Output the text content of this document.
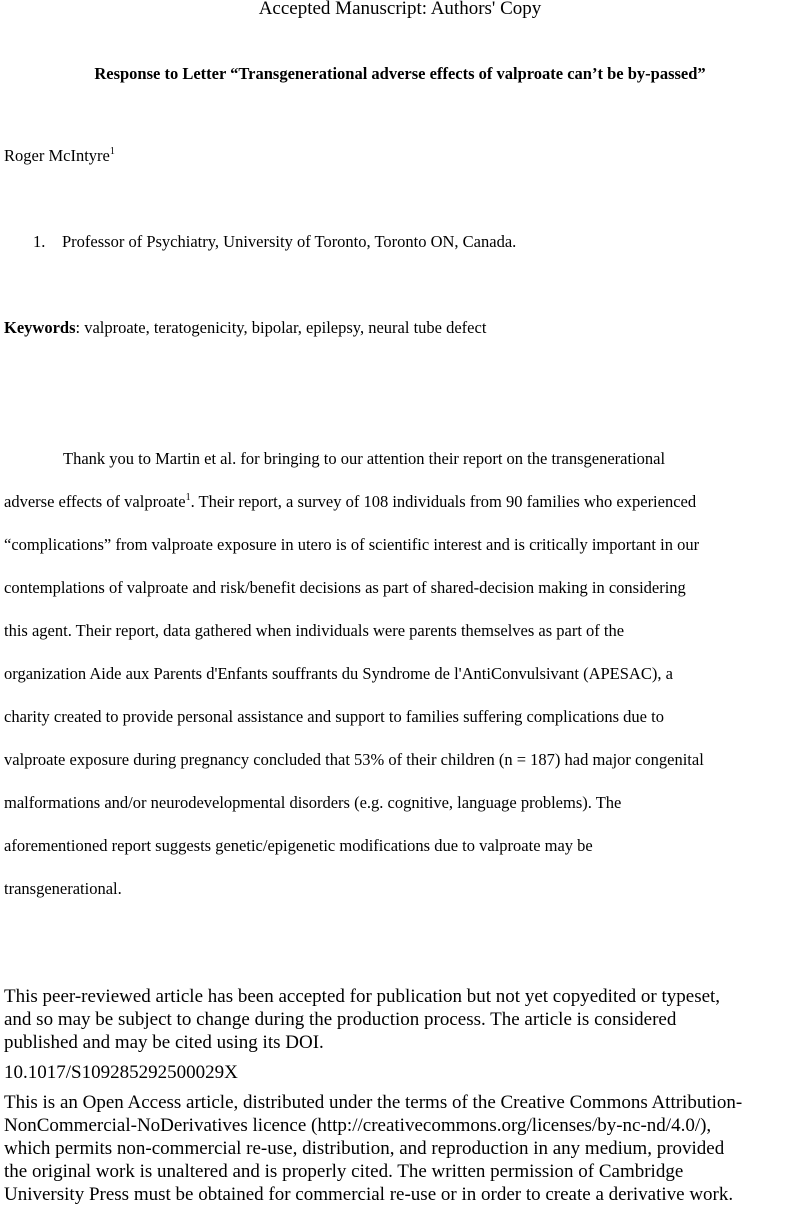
Accepted Manuscript: Authors' Copy
Response to Letter “Transgenerational adverse effects of valproate can’t be by-passed”
Roger McIntyre$^1$
1. Professor of Psychiatry, University of Toronto, Toronto ON, Canada.
Keywords: valproate, teratogenicity, bipolar, epilepsy, neural tube defect
Thank you to Martin et al. for bringing to our attention their report on the transgenerational
adverse effects of valproate$^1$. Their report, a survey of 108 individuals from 90 families who experienced
“complications” from valproate exposure in utero is of scientific interest and is critically important in our
contemplations of valproate and risk/benefit decisions as part of shared-decision making in considering
this agent. Their report, data gathered when individuals were parents themselves as part of the
organization Aide aux Parents d'Enfants souffrants du Syndrome de l'AntiConvulsivant (APESAC), a
charity created to provide personal assistance and support to families suffering complications due to
valproate exposure during pregnancy concluded that 53% of their children (n = 187) had major congenital
malformations and/or neurodevelopmental disorders (e.g. cognitive, language problems). The
aforementioned report suggests genetic/epigenetic modifications due to valproate may be
transgenerational.
This peer-reviewed article has been accepted for publication but not yet copyedited or typeset,
and so may be subject to change during the production process. The article is considered
published and may be cited using its DOI.
10.1017/S109285292500029X
This is an Open Access article, distributed under the terms of the Creative Commons Attribution-
NonCommercial-NoDerivatives licence (http://creativecommons.org/licenses/by-nc-nd/4.0/),
which permits non-commercial re-use, distribution, and reproduction in any medium, provided
the original work is unaltered and is properly cited. The written permission of Cambridge
University Press must be obtained for commercial re-use or in order to create a derivative work.
